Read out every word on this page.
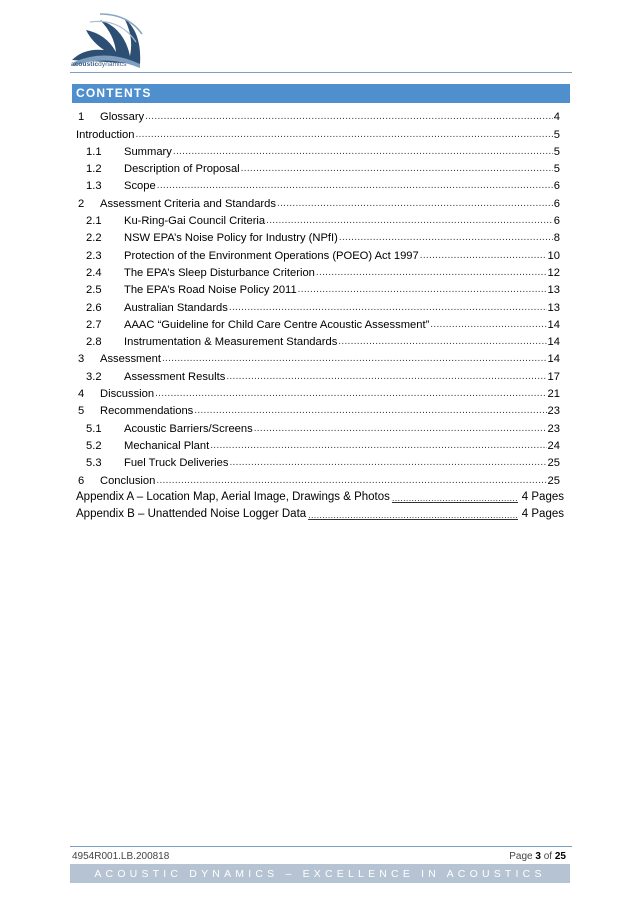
acousticdynamics
CONTENTS
1	Glossary .....	4
Introduction .....	5
1.1	Summary .....	5
1.2	Description of Proposal .....	5
1.3	Scope .....	6
2	Assessment Criteria and Standards .....	6
2.1	Ku-Ring-Gai Council Criteria .....	6
2.2	NSW EPA’s Noise Policy for Industry (NPfI) .....	8
2.3	Protection of the Environment Operations (POEO) Act 1997 .....	10
2.4	The EPA’s Sleep Disturbance Criterion .....	12
2.5	The EPA’s Road Noise Policy 2011 .....	13
2.6	Australian Standards .....	13
2.7	AAAC “Guideline for Child Care Centre Acoustic Assessment” .....	14
2.8	Instrumentation & Measurement Standards .....	14
3	Assessment .....	14
3.2	Assessment Results .....	17
4	Discussion .....	21
5	Recommendations .....	23
5.1	Acoustic Barriers/Screens .....	23
5.2	Mechanical Plant .....	24
5.3	Fuel Truck Deliveries .....	25
6	Conclusion .....	25
Appendix A – Location Map, Aerial Image, Drawings & Photos .....	4 Pages
Appendix B – Unattended Noise Logger Data .....	4 Pages
4954R001.LB.200818	Page 3 of 25
ACOUSTIC DYNAMICS – EXCELLENCE IN ACOUSTICS
